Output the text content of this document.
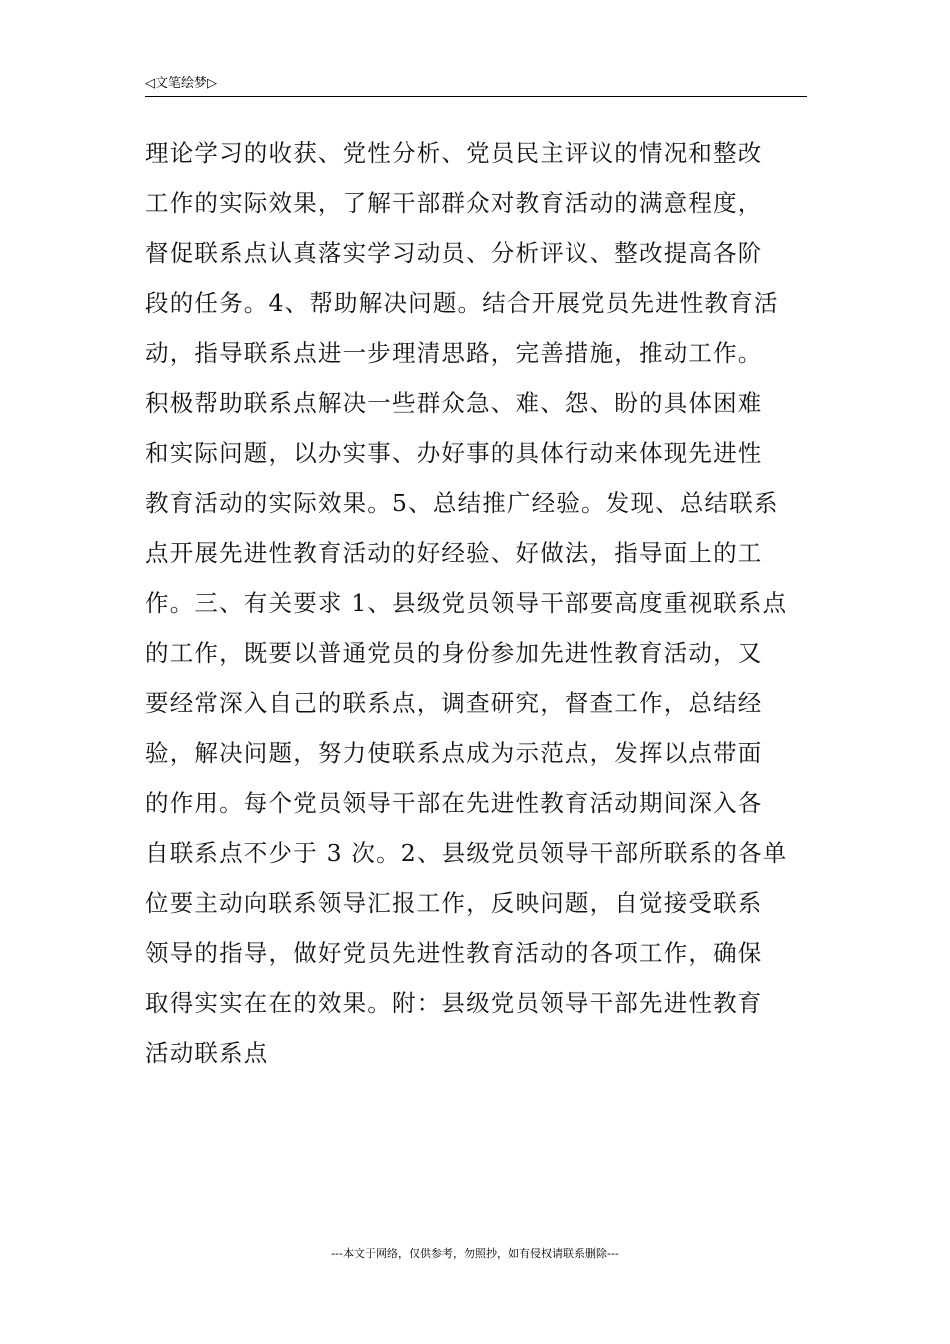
◁文笔绘梦▷
理论学习的收获、党性分析、党员民主评议的情况和整改
工作的实际效果，了解干部群众对教育活动的满意程度，
督促联系点认真落实学习动员、分析评议、整改提高各阶
段的任务。4、帮助解决问题。结合开展党员先进性教育活
动，指导联系点进一步理清思路，完善措施，推动工作。
积极帮助联系点解决一些群众急、难、怨、盼的具体困难
和实际问题，以办实事、办好事的具体行动来体现先进性
教育活动的实际效果。5、总结推广经验。发现、总结联系
点开展先进性教育活动的好经验、好做法，指导面上的工
作。三、有关要求 1、县级党员领导干部要高度重视联系点
的工作，既要以普通党员的身份参加先进性教育活动，又
要经常深入自己的联系点，调查研究，督查工作，总结经
验，解决问题，努力使联系点成为示范点，发挥以点带面
的作用。每个党员领导干部在先进性教育活动期间深入各
自联系点不少于 3 次。2、县级党员领导干部所联系的各单
位要主动向联系领导汇报工作，反映问题，自觉接受联系
领导的指导，做好党员先进性教育活动的各项工作，确保
取得实实在在的效果。附：县级党员领导干部先进性教育
活动联系点
---本文于网络，仅供参考，勿照抄，如有侵权请联系删除---
